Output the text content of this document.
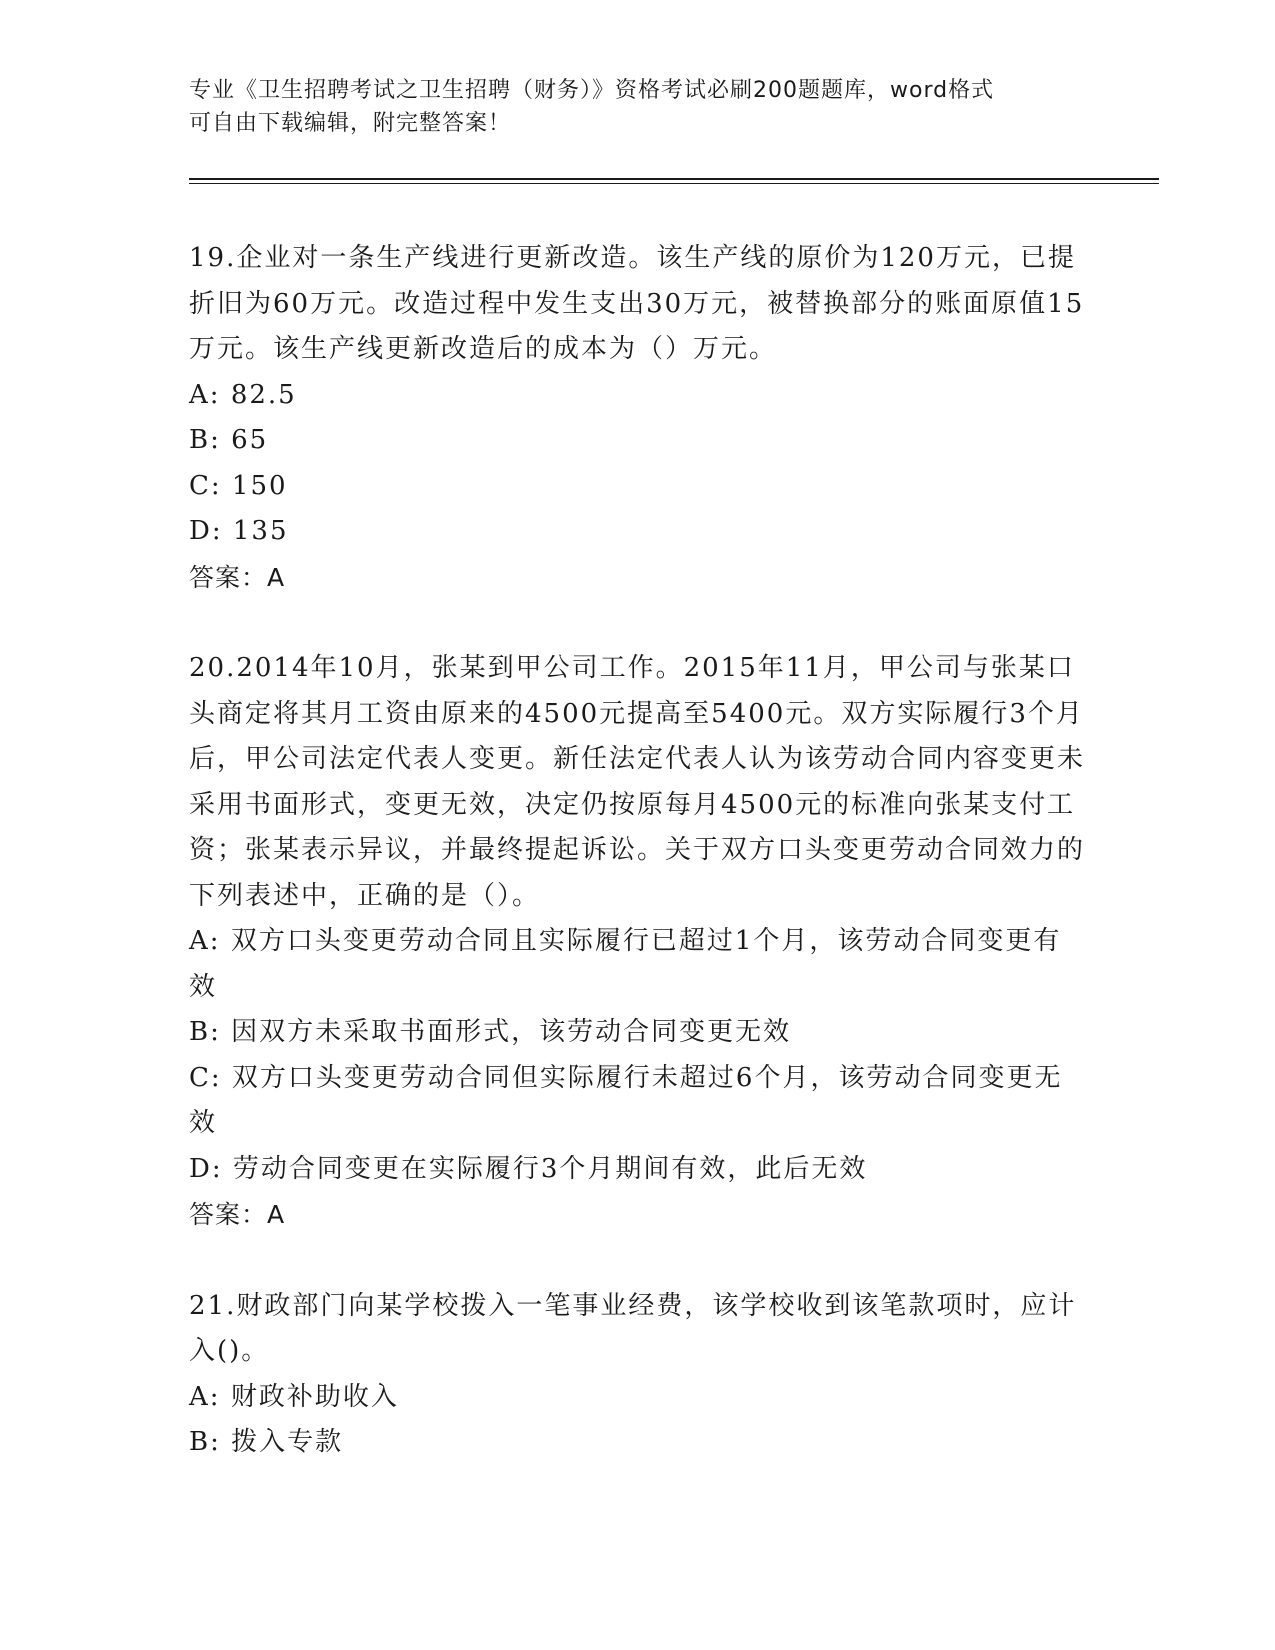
专业《卫生招聘考试之卫生招聘（财务）》资格考试必刷200题题库，word格式
可自由下载编辑，附完整答案！

19.企业对一条生产线进行更新改造。该生产线的原价为120万元，已提折旧为60万元。改造过程中发生支出30万元，被替换部分的账面原值15万元。该生产线更新改造后的成本为（）万元。

A: 82.5

B: 65

C: 150

D: 135

答案：A

20.2014年10月，张某到甲公司工作。2015年11月，甲公司与张某口头商定将其月工资由原来的4500元提高至5400元。双方实际履行3个月后，甲公司法定代表人变更。新任法定代表人认为该劳动合同内容变更未采用书面形式，变更无效，决定仍按原每月4500元的标准向张某支付工资；张某表示异议，并最终提起诉讼。关于双方口头变更劳动合同效力的下列表述中，正确的是（）。

A: 双方口头变更劳动合同且实际履行已超过1个月，该劳动合同变更有效

B: 因双方未采取书面形式，该劳动合同变更无效

C: 双方口头变更劳动合同但实际履行未超过6个月，该劳动合同变更无效

D: 劳动合同变更在实际履行3个月期间有效，此后无效

答案：A

21.财政部门向某学校拨入一笔事业经费，该学校收到该笔款项时，应计入()。

A: 财政补助收入

B: 拨入专款
